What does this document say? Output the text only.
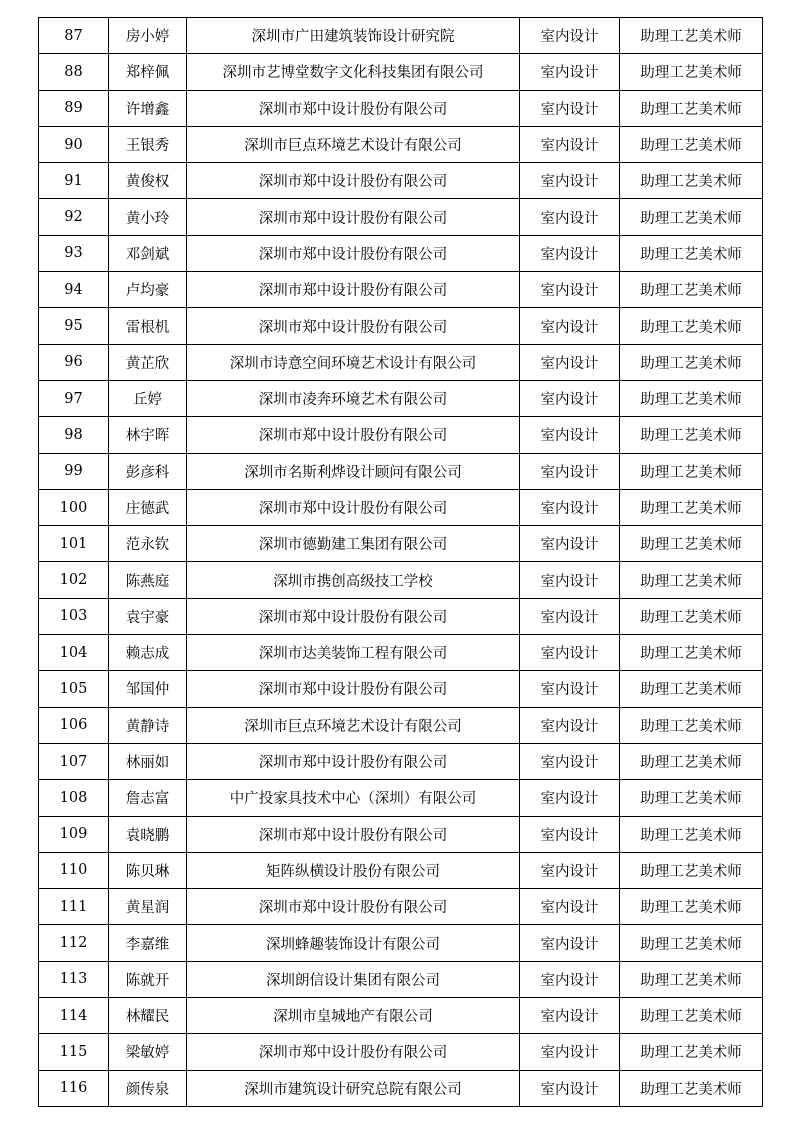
87	房小婷	深圳市广田建筑装饰设计研究院	室内设计	助理工艺美术师
88	郑梓佩	深圳市艺博堂数字文化科技集团有限公司	室内设计	助理工艺美术师
89	许增鑫	深圳市郑中设计股份有限公司	室内设计	助理工艺美术师
90	王银秀	深圳市巨点环境艺术设计有限公司	室内设计	助理工艺美术师
91	黄俊权	深圳市郑中设计股份有限公司	室内设计	助理工艺美术师
92	黄小玲	深圳市郑中设计股份有限公司	室内设计	助理工艺美术师
93	邓剑斌	深圳市郑中设计股份有限公司	室内设计	助理工艺美术师
94	卢均豪	深圳市郑中设计股份有限公司	室内设计	助理工艺美术师
95	雷根机	深圳市郑中设计股份有限公司	室内设计	助理工艺美术师
96	黄芷欣	深圳市诗意空间环境艺术设计有限公司	室内设计	助理工艺美术师
97	丘婷	深圳市凌奔环境艺术有限公司	室内设计	助理工艺美术师
98	林宇晖	深圳市郑中设计股份有限公司	室内设计	助理工艺美术师
99	彭彦科	深圳市名斯利烨设计顾问有限公司	室内设计	助理工艺美术师
100	庄德武	深圳市郑中设计股份有限公司	室内设计	助理工艺美术师
101	范永钦	深圳市德勤建工集团有限公司	室内设计	助理工艺美术师
102	陈燕庭	深圳市携创高级技工学校	室内设计	助理工艺美术师
103	袁宇豪	深圳市郑中设计股份有限公司	室内设计	助理工艺美术师
104	赖志成	深圳市达美装饰工程有限公司	室内设计	助理工艺美术师
105	邹国仲	深圳市郑中设计股份有限公司	室内设计	助理工艺美术师
106	黄静诗	深圳市巨点环境艺术设计有限公司	室内设计	助理工艺美术师
107	林丽如	深圳市郑中设计股份有限公司	室内设计	助理工艺美术师
108	詹志富	中广投家具技术中心（深圳）有限公司	室内设计	助理工艺美术师
109	袁晓鹏	深圳市郑中设计股份有限公司	室内设计	助理工艺美术师
110	陈贝琳	矩阵纵横设计股份有限公司	室内设计	助理工艺美术师
111	黄星润	深圳市郑中设计股份有限公司	室内设计	助理工艺美术师
112	李嘉维	深圳蜂趣装饰设计有限公司	室内设计	助理工艺美术师
113	陈就开	深圳朗信设计集团有限公司	室内设计	助理工艺美术师
114	林耀民	深圳市皇城地产有限公司	室内设计	助理工艺美术师
115	梁敏婷	深圳市郑中设计股份有限公司	室内设计	助理工艺美术师
116	颜传泉	深圳市建筑设计研究总院有限公司	室内设计	助理工艺美术师
